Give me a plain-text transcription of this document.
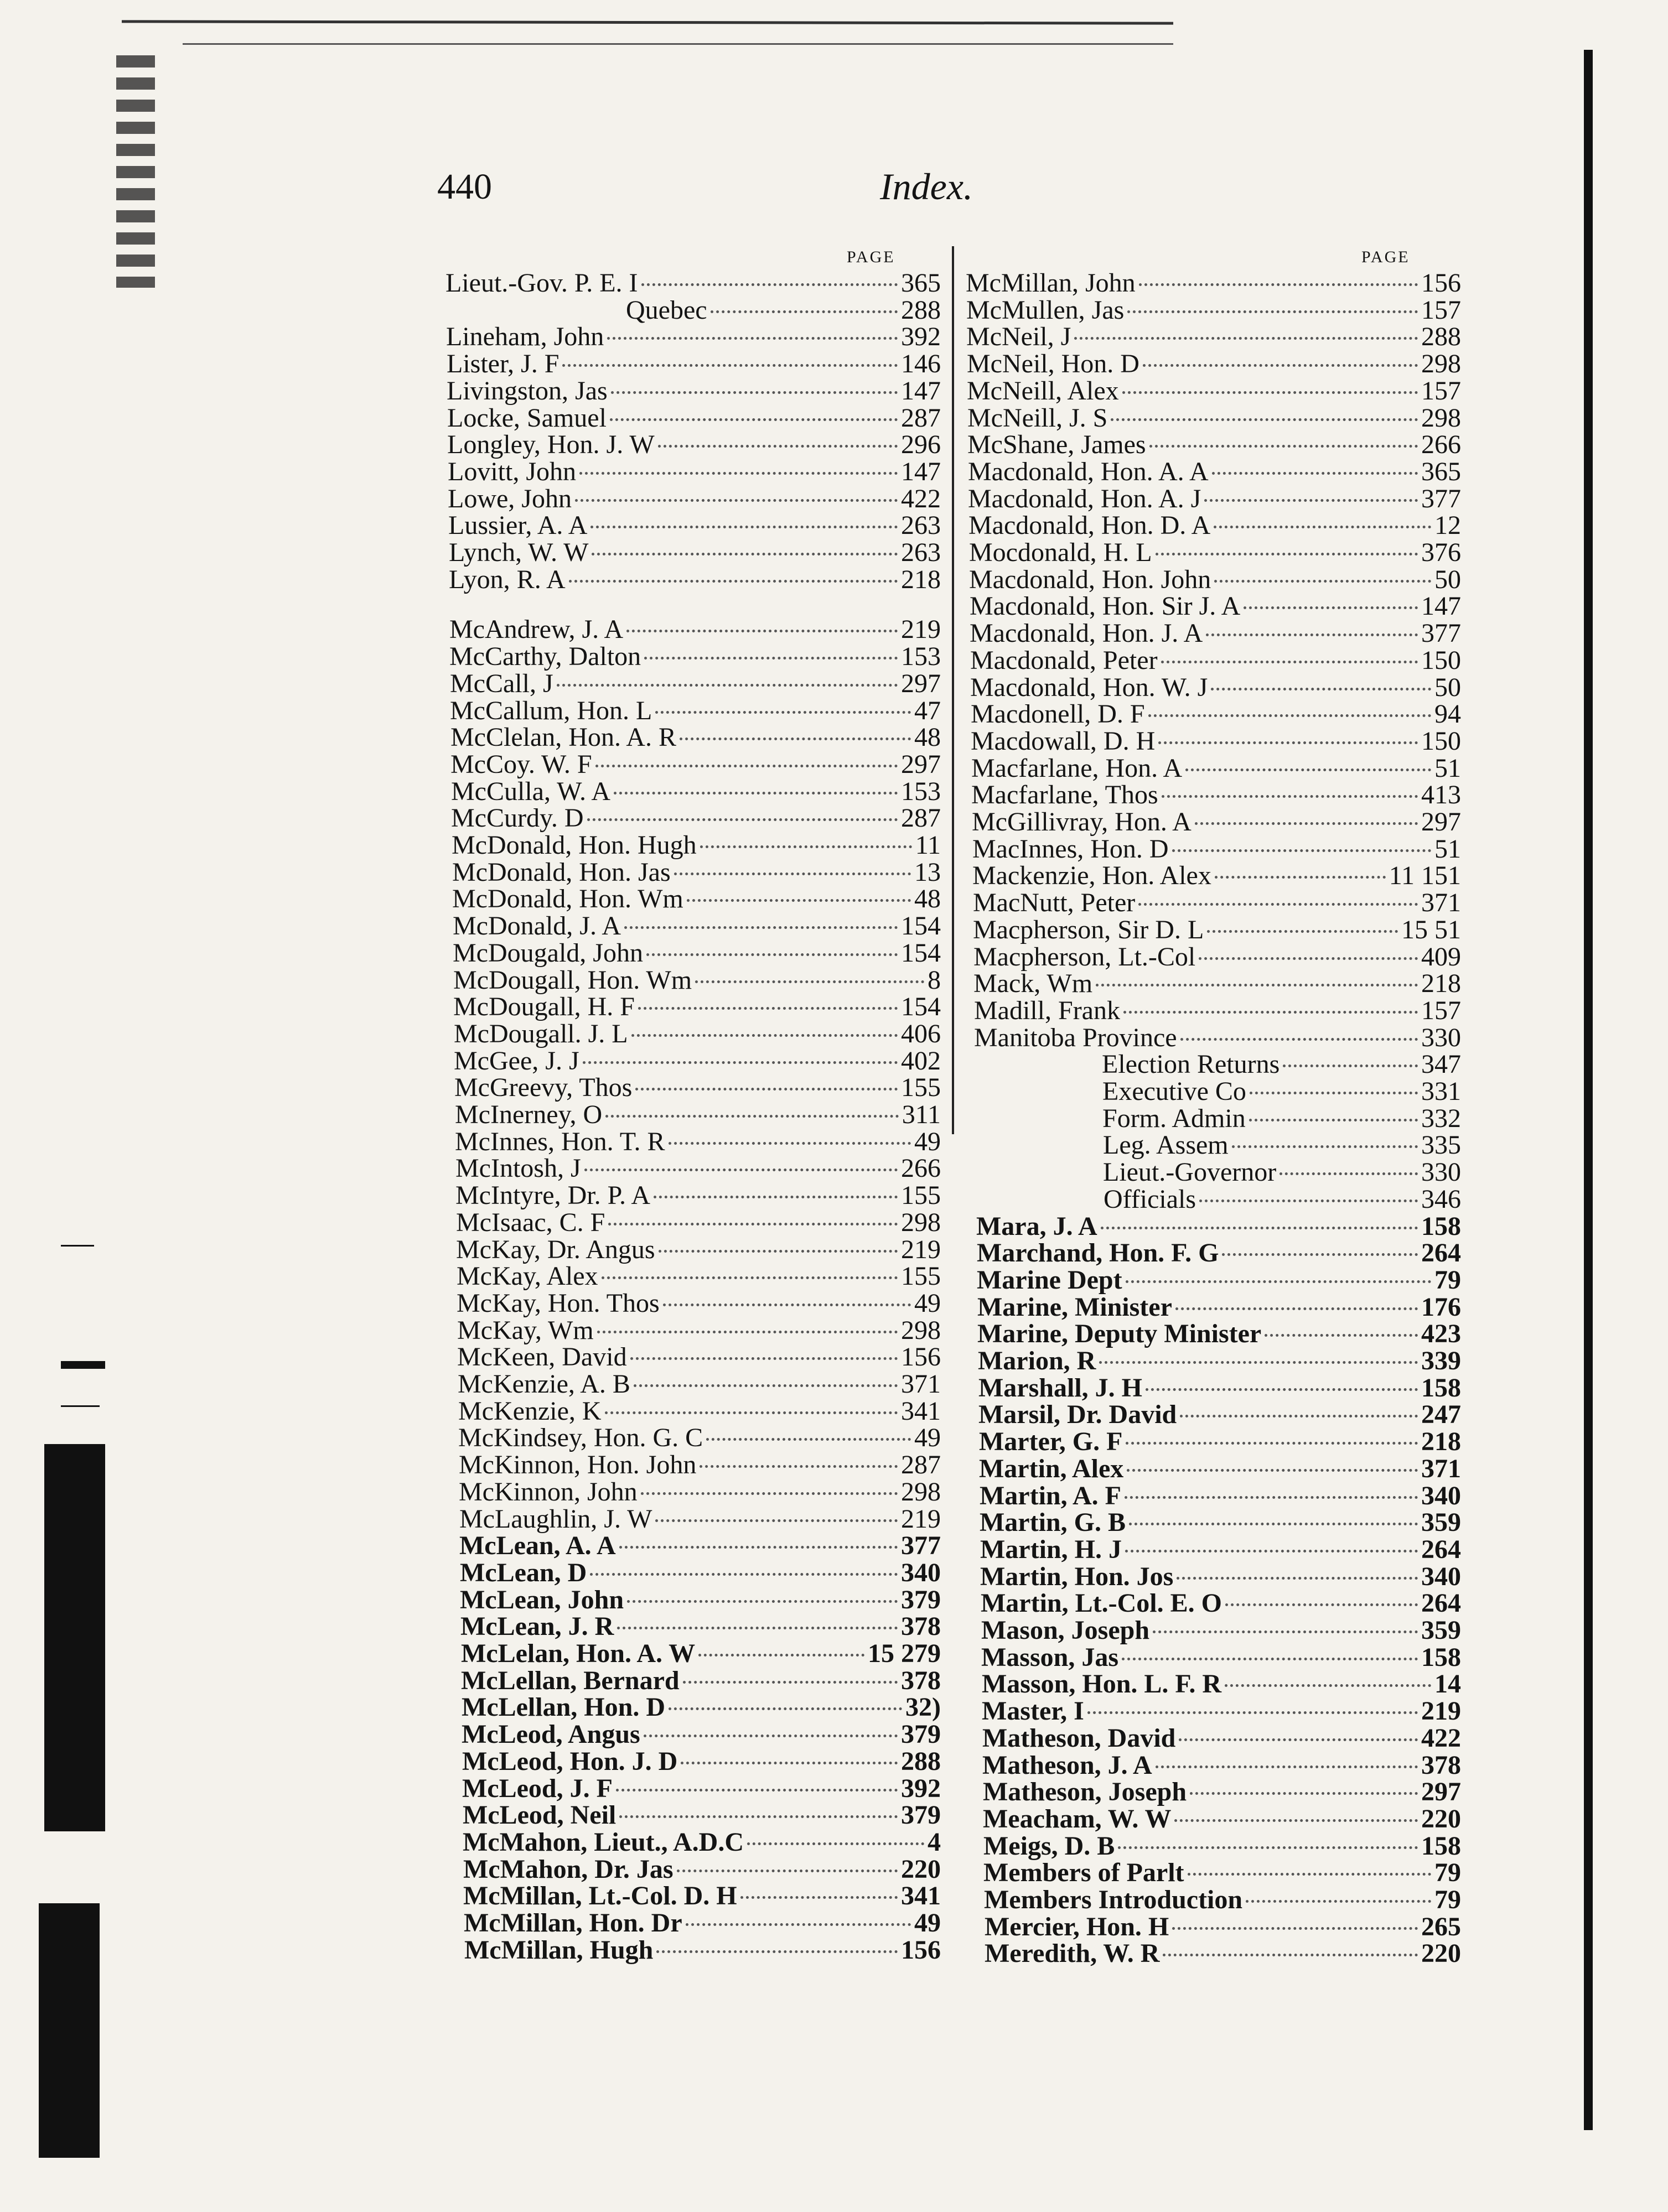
440	Index.
PAGE	PAGE
Lieut.-Gov. P. E. I	365
Quebec	288
Lineham, John	392
Lister, J. F	146
Livingston, Jas	147
Locke, Samuel	287
Longley, Hon. J. W	296
Lovitt, John	147
Lowe, John	422
Lussier, A. A	263
Lynch, W. W	263
Lyon, R. A	218
McAndrew, J. A	219
McCarthy, Dalton	153
McCall, J	297
McCallum, Hon. L	47
McClelan, Hon. A. R	48
McCoy. W. F	297
McCulla, W. A	153
McCurdy. D	287
McDonald, Hon. Hugh	11
McDonald, Hon. Jas	13
McDonald, Hon. Wm	48
McDonald, J. A	154
McDougald, John	154
McDougall, Hon. Wm	8
McDougall, H. F	154
McDougall. J. L	406
McGee, J. J	402
McGreevy, Thos	155
McInerney, O	311
McInnes, Hon. T. R	49
McIntosh, J	266
McIntyre, Dr. P. A	155
McIsaac, C. F	298
McKay, Dr. Angus	219
McKay, Alex	155
McKay, Hon. Thos	49
McKay, Wm	298
McKeen, David	156
McKenzie, A. B	371
McKenzie, K	341
McKindsey, Hon. G. C	49
McKinnon, Hon. John	287
McKinnon, John	298
McLaughlin, J. W	219
McLean, A. A	377
McLean, D	340
McLean, John	379
McLean, J. R	378
McLelan, Hon. A. W	15 279
McLellan, Bernard	378
McLellan, Hon. D	32)
McLeod, Angus	379
McLeod, Hon. J. D	288
McLeod, J. F	392
McLeod, Neil	379
McMahon, Lieut., A.D.C	4
McMahon, Dr. Jas	220
McMillan, Lt.-Col. D. H	341
McMillan, Hon. Dr	49
McMillan, Hugh	156
McMillan, John	156
McMullen, Jas	157
McNeil, J	288
McNeil, Hon. D	298
McNeill, Alex	157
McNeill, J. S	298
McShane, James	266
Macdonald, Hon. A. A	365
Macdonald, Hon. A. J	377
Macdonald, Hon. D. A	12
Mocdonald, H. L	376
Macdonald, Hon. John	50
Macdonald, Hon. Sir J. A	147
Macdonald, Hon. J. A	377
Macdonald, Peter	150
Macdonald, Hon. W. J	50
Macdonell, D. F	94
Macdowall, D. H	150
Macfarlane, Hon. A	51
Macfarlane, Thos	413
McGillivray, Hon. A	297
MacInnes, Hon. D	51
Mackenzie, Hon. Alex	11 151
MacNutt, Peter	371
Macpherson, Sir D. L	15 51
Macpherson, Lt.-Col	409
Mack, Wm	218
Madill, Frank	157
Manitoba Province	330
Election Returns	347
Executive Co	331
Form. Admin	332
Leg. Assem	335
Lieut.-Governor	330
Officials	346
Mara, J. A	158
Marchand, Hon. F. G	264
Marine Dept	79
Marine, Minister	176
Marine, Deputy Minister	423
Marion, R	339
Marshall, J. H	158
Marsil, Dr. David	247
Marter, G. F	218
Martin, Alex	371
Martin, A. F	340
Martin, G. B	359
Martin, H. J	264
Martin, Hon. Jos	340
Martin, Lt.-Col. E. O	264
Mason, Joseph	359
Masson, Jas	158
Masson, Hon. L. F. R	14
Master, I	219
Matheson, David	422
Matheson, J. A	378
Matheson, Joseph	297
Meacham, W. W	220
Meigs, D. B	158
Members of Parlt	79
Members Introduction	79
Mercier, Hon. H	265
Meredith, W. R	220
